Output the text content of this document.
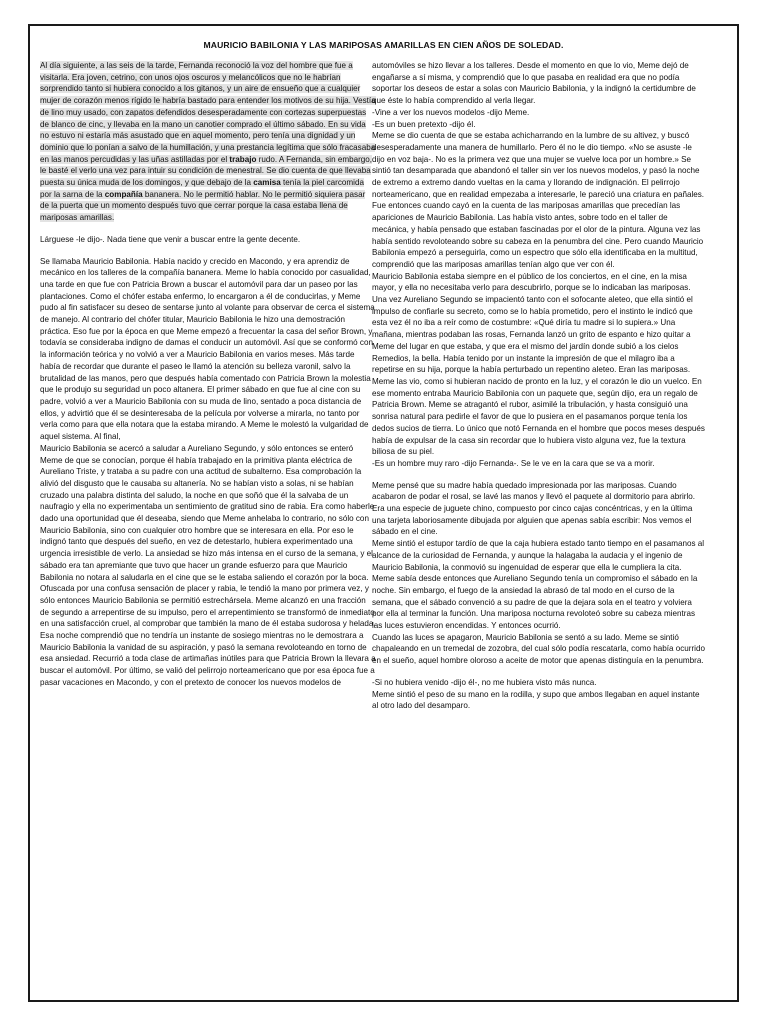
MAURICIO BABILONIA Y LAS MARIPOSAS AMARILLAS EN CIEN AÑOS DE SOLEDAD.

Al día siguiente, a las seis de la tarde, Fernanda reconoció la voz del hombre que fue a visitarla. Era joven, cetrino, con unos ojos oscuros y melancólicos que no le habrían sorprendido tanto si hubiera conocido a los gitanos, y un aire de ensueño que a cualquier mujer de corazón menos rígido le habría bastado para entender los motivos de su hija. Vestía de lino muy usado, con zapatos defendidos desesperadamente con cortezas superpuestas de blanco de cinc, y llevaba en la mano un canotier comprado el último sábado. En su vida no estuvo ni estaría más asustado que en aquel momento, pero tenía una dignidad y un dominio que lo ponían a salvo de la humillación, y una prestancia legítima que sólo fracasaba en las manos percudidas y las uñas astilladas por el trabajo rudo. A Fernanda, sin embargo, le basté el verlo una vez para intuir su condición de menestral. Se dio cuenta de que llevaba puesta su única muda de los domingos, y que debajo de la camisa tenía la piel carcomida por la sarna de la compañía bananera. No le permitió hablar. No le permitió siquiera pasar de la puerta que un momento después tuvo que cerrar porque la casa estaba llena de mariposas amarillas.

Lárguese -le dijo-. Nada tiene que venir a buscar entre la gente decente.

Se llamaba Mauricio Babilonia. Había nacido y crecido en Macondo, y era aprendiz de mecánico en los talleres de la compañía bananera. Meme lo había conocido por casualidad, una tarde en que fue con Patricia Brown a buscar el automóvil para dar un paseo por las plantaciones. Como el chófer estaba enfermo, lo encargaron a él de conducirlas, y Meme pudo al fin satisfacer su deseo de sentarse junto al volante para observar de cerca el sistema de manejo. Al contrario del chófer titular, Mauricio Babilonia le hizo una demostración práctica. Eso fue por la época en que Meme empezó a frecuentar la casa del señor Brown, y todavía se consideraba indigno de damas el conducir un automóvil. Así que se conformó con la información teórica y no volvió a ver a Mauricio Babilonia en varios meses. Más tarde había de recordar que durante el paseo le llamó la atención su belleza varonil, salvo la brutalidad de las manos, pero que después había comentado con Patricia Brown la molestia que le produjo su seguridad un poco altanera. El primer sábado en que fue al cine con su padre, volvió a ver a Mauricio Babilonia con su muda de lino, sentado a poca distancia de ellos, y advirtió que él se desinteresaba de la película por volverse a mirarla, no tanto por verla como para que ella notara que la estaba mirando. A Meme le molestó la vulgaridad de aquel sistema. Al final,

Mauricio Babilonia se acercó a saludar a Aureliano Segundo, y sólo entonces se enteró Meme de que se conocían, porque él había trabajado en la primitiva planta eléctrica de Aureliano Triste, y trataba a su padre con una actitud de subalterno. Esa comprobación la alivió del disgusto que le causaba su altanería. No se habían visto a solas, ni se habían cruzado una palabra distinta del saludo, la noche en que soñó que él la salvaba de un naufragio y ella no experimentaba un sentimiento de gratitud sino de rabia. Era como haberle dado una oportunidad que él deseaba, siendo que Meme anhelaba lo contrario, no sólo con Mauricio Babilonia, sino con cualquier otro hombre que se interesara en ella. Por eso le indignó tanto que después del sueño, en vez de detestarlo, hubiera experimentado una urgencia irresistible de verlo. La ansiedad se hizo más intensa en el curso de la semana, y el sábado era tan apremiante que tuvo que hacer un grande esfuerzo para que Mauricio Babilonia no notara al saludarla en el cine que se le estaba saliendo el corazón por la boca. Ofuscada por una confusa sensación de placer y rabia, le tendió la mano por primera vez, y sólo entonces Mauricio Babilonia se permitió estrechársela. Meme alcanzó en una fracción de segundo a arrepentirse de su impulso, pero el arrepentimiento se transformó de inmediato en una satisfacción cruel, al comprobar que también la mano de él estaba sudorosa y helada. Esa noche comprendió que no tendría un instante de sosiego mientras no le demostrara a Mauricio Babilonia la vanidad de su aspiración, y pasó la semana revoloteando en torno de esa ansiedad. Recurrió a toda clase de artimañas inútiles para que Patricia Brown la llevara a buscar el automóvil. Por último, se valió del pelirrojo norteamericano que por esa época fue a pasar vacaciones en Macondo, y con el pretexto de conocer los nuevos modelos de

automóviles se hizo llevar a los talleres. Desde el momento en que lo vio, Meme dejó de engañarse a sí misma, y comprendió que lo que pasaba en realidad era que no podía soportar los deseos de estar a solas con Mauricio Babilonia, y la indignó la certidumbre de que éste lo había comprendido al verla llegar.

-Vine a ver los nuevos modelos -dijo Meme.

-Es un buen pretexto -dijo él.

Meme se dio cuenta de que se estaba achicharrando en la lumbre de su altivez, y buscó desesperadamente una manera de humillarlo. Pero él no le dio tiempo. «No se asuste -le dijo en voz baja-. No es la primera vez que una mujer se vuelve loca por un hombre.» Se sintió tan desamparada que abandonó el taller sin ver los nuevos modelos, y pasó la noche de extremo a extremo dando vueltas en la cama y llorando de indignación. El pelirrojo norteamericano, que en realidad empezaba a interesarle, le pareció una criatura en pañales. Fue entonces cuando cayó en la cuenta de las mariposas amarillas que precedían las apariciones de Mauricio Babilonia. Las había visto antes, sobre todo en el taller de mecánica, y había pensado que estaban fascinadas por el olor de la pintura. Alguna vez las había sentido revoloteando sobre su cabeza en la penumbra del cine. Pero cuando Mauricio Babilonia empezó a perseguirla, como un espectro que sólo ella identificaba en la multitud, comprendió que las mariposas amarillas tenían algo que ver con él.

Mauricio Babilonia estaba siempre en el público de los conciertos, en el cine, en la misa mayor, y ella no necesitaba verlo para descubrirlo, porque se lo indicaban las mariposas. Una vez Aureliano Segundo se impacientó tanto con el sofocante aleteo, que ella sintió el impulso de confiarle su secreto, como se lo había prometido, pero el instinto le indicó que esta vez él no iba a reír como de costumbre: «Qué diría tu madre si lo supiera.» Una mañana, mientras podaban las rosas, Fernanda lanzó un grito de espanto e hizo quitar a Meme del lugar en que estaba, y que era el mismo del jardín donde subió a los cielos Remedios, la bella. Había tenido por un instante la impresión de que el milagro iba a repetirse en su hija, porque la había perturbado un repentino aleteo. Eran las mariposas. Meme las vio, como si hubieran nacido de pronto en la luz, y el corazón le dio un vuelco. En ese momento entraba Mauricio Babilonia con un paquete que, según dijo, era un regalo de Patricia Brown. Meme se atragantó el rubor, asimilé la tribulación, y hasta consiguió una sonrisa natural para pedirle el favor de que lo pusiera en el pasamanos porque tenía los dedos sucios de tierra. Lo único que notó Fernanda en el hombre que pocos meses después había de expulsar de la casa sin recordar que lo hubiera visto alguna vez, fue la textura biliosa de su piel.

-Es un hombre muy raro -dijo Fernanda-. Se le ve en la cara que se va a morir.

Meme pensé que su madre había quedado impresionada por las mariposas. Cuando acabaron de podar el rosal, se lavé las manos y llevó el paquete al dormitorio para abrirlo. Era una especie de juguete chino, compuesto por cinco cajas concéntricas, y en la última una tarjeta laboriosamente dibujada por alguien que apenas sabía escribir: Nos vemos el sábado en el cine.

Meme sintió el estupor tardío de que la caja hubiera estado tanto tiempo en el pasamanos al alcance de la curiosidad de Fernanda, y aunque la halagaba la audacia y el ingenio de Mauricio Babilonia, la conmovió su ingenuidad de esperar que ella le cumpliera la cita. Meme sabía desde entonces que Aureliano Segundo tenía un compromiso el sábado en la noche. Sin embargo, el fuego de la ansiedad la abrasó de tal modo en el curso de la semana, que el sábado convenció a su padre de que la dejara sola en el teatro y volviera por ella al terminar la función. Una mariposa nocturna revoloteó sobre su cabeza mientras las luces estuvieron encendidas. Y entonces ocurrió.

Cuando las luces se apagaron, Mauricio Babilonia se sentó a su lado. Meme se sintió chapaleando en un tremedal de zozobra, del cual sólo podía rescatarla, como había ocurrido en el sueño, aquel hombre oloroso a aceite de motor que apenas distinguía en la penumbra.

-Si no hubiera venido -dijo él-, no me hubiera visto más nunca.

Meme sintió el peso de su mano en la rodilla, y supo que ambos llegaban en aquel instante al otro lado del desamparo.
